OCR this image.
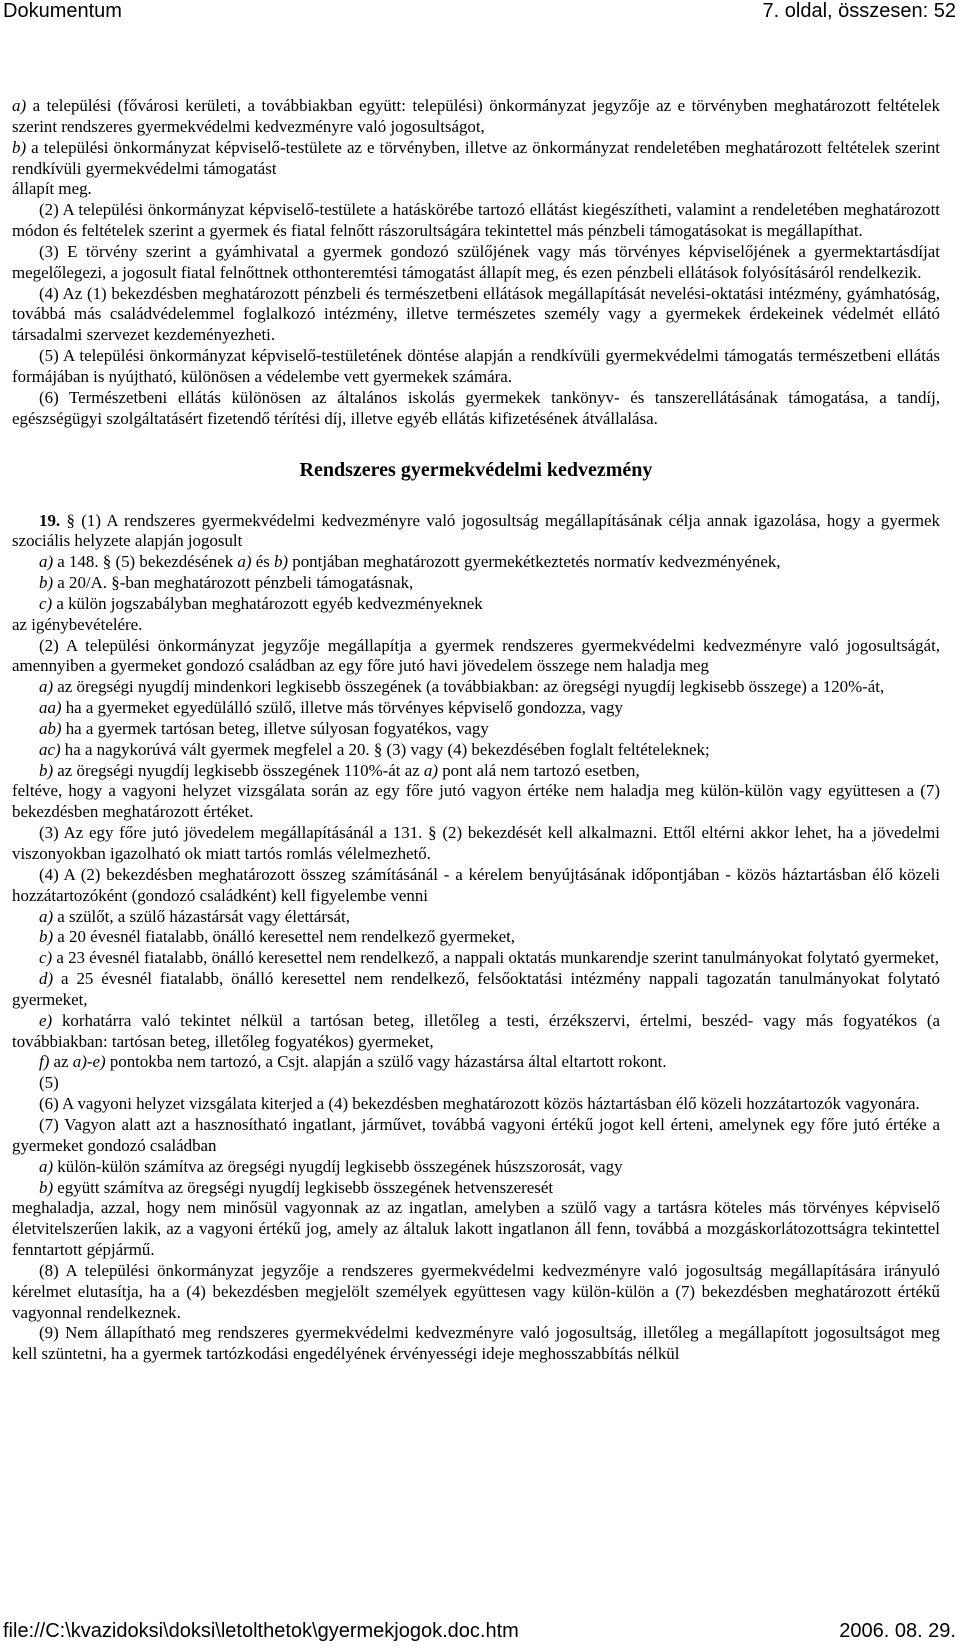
Dokumentum	7. oldal, összesen: 52

a) a települési (fővárosi kerületi, a továbbiakban együtt: települési) önkormányzat jegyzője az e törvényben meghatározott feltételek szerint rendszeres gyermekvédelmi kedvezményre való jogosultságot,

b) a települési önkormányzat képviselő-testülete az e törvényben, illetve az önkormányzat rendeletében meghatározott feltételek szerint rendkívüli gyermekvédelmi támogatást

állapít meg.

(2) A települési önkormányzat képviselő-testülete a hatáskörébe tartozó ellátást kiegészítheti, valamint a rendeletében meghatározott módon és feltételek szerint a gyermek és fiatal felnőtt rászorultságára tekintettel más pénzbeli támogatásokat is megállapíthat.

(3) E törvény szerint a gyámhivatal a gyermek gondozó szülőjének vagy más törvényes képviselőjének a gyermektartásdíjat megelőlegezi, a jogosult fiatal felnőttnek otthonteremtési támogatást állapít meg, és ezen pénzbeli ellátások folyósításáról rendelkezik.

(4) Az (1) bekezdésben meghatározott pénzbeli és természetbeni ellátások megállapítását nevelési-oktatási intézmény, gyámhatóság, továbbá más családvédelemmel foglalkozó intézmény, illetve természetes személy vagy a gyermekek érdekeinek védelmét ellátó társadalmi szervezet kezdeményezheti.

(5) A települési önkormányzat képviselő-testületének döntése alapján a rendkívüli gyermekvédelmi támogatás természetbeni ellátás formájában is nyújtható, különösen a védelembe vett gyermekek számára.

(6) Természetbeni ellátás különösen az általános iskolás gyermekek tankönyv- és tanszerellátásának támogatása, a tandíj, egészségügyi szolgáltatásért fizetendő térítési díj, illetve egyéb ellátás kifizetésének átvállalása.

Rendszeres gyermekvédelmi kedvezmény

19. § (1) A rendszeres gyermekvédelmi kedvezményre való jogosultság megállapításának célja annak igazolása, hogy a gyermek szociális helyzete alapján jogosult

a) a 148. § (5) bekezdésének a) és b) pontjában meghatározott gyermekétkeztetés normatív kedvezményének,

b) a 20/A. §-ban meghatározott pénzbeli támogatásnak,

c) a külön jogszabályban meghatározott egyéb kedvezményeknek

az igénybevételére.

(2) A települési önkormányzat jegyzője megállapítja a gyermek rendszeres gyermekvédelmi kedvezményre való jogosultságát, amennyiben a gyermeket gondozó családban az egy főre jutó havi jövedelem összege nem haladja meg

a) az öregségi nyugdíj mindenkori legkisebb összegének (a továbbiakban: az öregségi nyugdíj legkisebb összege) a 120%-át,

aa) ha a gyermeket egyedülálló szülő, illetve más törvényes képviselő gondozza, vagy

ab) ha a gyermek tartósan beteg, illetve súlyosan fogyatékos, vagy

ac) ha a nagykorúvá vált gyermek megfelel a 20. § (3) vagy (4) bekezdésében foglalt feltételeknek;

b) az öregségi nyugdíj legkisebb összegének 110%-át az a) pont alá nem tartozó esetben,

feltéve, hogy a vagyoni helyzet vizsgálata során az egy főre jutó vagyon értéke nem haladja meg külön-külön vagy együttesen a (7) bekezdésben meghatározott értéket.

(3) Az egy főre jutó jövedelem megállapításánál a 131. § (2) bekezdését kell alkalmazni. Ettől eltérni akkor lehet, ha a jövedelmi viszonyokban igazolható ok miatt tartós romlás vélelmezhető.

(4) A (2) bekezdésben meghatározott összeg számításánál - a kérelem benyújtásának időpontjában - közös háztartásban élő közeli hozzátartozóként (gondozó családként) kell figyelembe venni

a) a szülőt, a szülő házastársát vagy élettársát,

b) a 20 évesnél fiatalabb, önálló keresettel nem rendelkező gyermeket,

c) a 23 évesnél fiatalabb, önálló keresettel nem rendelkező, a nappali oktatás munkarendje szerint tanulmányokat folytató gyermeket,

d) a 25 évesnél fiatalabb, önálló keresettel nem rendelkező, felsőoktatási intézmény nappali tagozatán tanulmányokat folytató gyermeket,

e) korhatárra való tekintet nélkül a tartósan beteg, illetőleg a testi, érzékszervi, értelmi, beszéd- vagy más fogyatékos (a továbbiakban: tartósan beteg, illetőleg fogyatékos) gyermeket,

f) az a)-e) pontokba nem tartozó, a Csjt. alapján a szülő vagy házastársa által eltartott rokont.

(5)

(6) A vagyoni helyzet vizsgálata kiterjed a (4) bekezdésben meghatározott közös háztartásban élő közeli hozzátartozók vagyonára.

(7) Vagyon alatt azt a hasznosítható ingatlant, járművet, továbbá vagyoni értékű jogot kell érteni, amelynek egy főre jutó értéke a gyermeket gondozó családban

a) külön-külön számítva az öregségi nyugdíj legkisebb összegének húszszorosát, vagy

b) együtt számítva az öregségi nyugdíj legkisebb összegének hetvenszeresét

meghaladja, azzal, hogy nem minősül vagyonnak az az ingatlan, amelyben a szülő vagy a tartásra köteles más törvényes képviselő életvitelszerűen lakik, az a vagyoni értékű jog, amely az általuk lakott ingatlanon áll fenn, továbbá a mozgáskorlátozottságra tekintettel fenntartott gépjármű.

(8) A települési önkormányzat jegyzője a rendszeres gyermekvédelmi kedvezményre való jogosultság megállapítására irányuló kérelmet elutasítja, ha a (4) bekezdésben megjelölt személyek együttesen vagy külön-külön a (7) bekezdésben meghatározott értékű vagyonnal rendelkeznek.

(9) Nem állapítható meg rendszeres gyermekvédelmi kedvezményre való jogosultság, illetőleg a megállapított jogosultságot meg kell szüntetni, ha a gyermek tartózkodási engedélyének érvényességi ideje meghosszabbítás nélkül

file://C:\kvazidoksi\doksi\letolthetok\gyermekjogok.doc.htm	2006. 08. 29.
